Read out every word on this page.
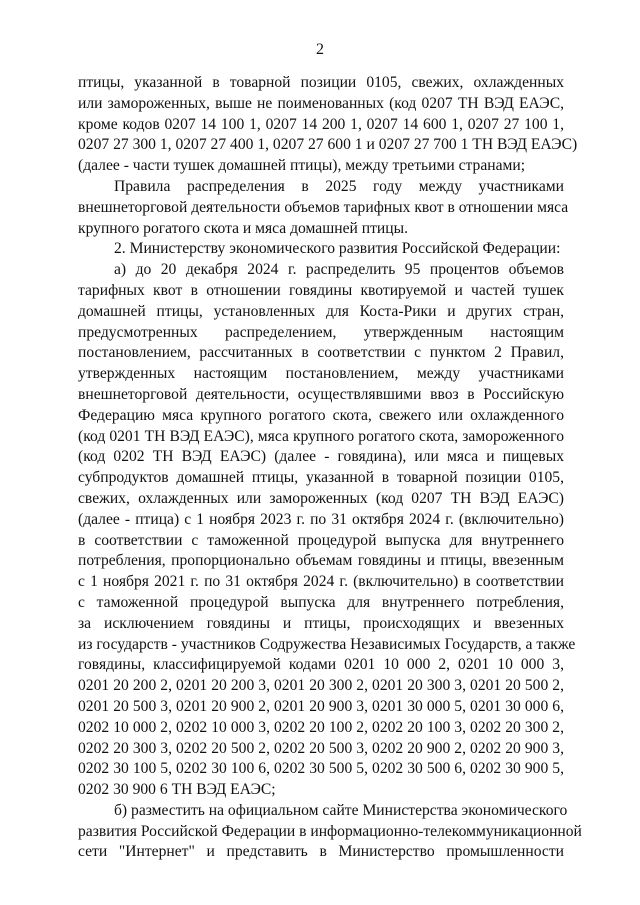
2
птицы, указанной в товарной позиции 0105, свежих, охлажденных
или замороженных, выше не поименованных (код 0207 ТН ВЭД ЕАЭС,
кроме кодов 0207 14 100 1, 0207 14 200 1, 0207 14 600 1, 0207 27 100 1,
0207 27 300 1, 0207 27 400 1, 0207 27 600 1 и 0207 27 700 1 ТН ВЭД ЕАЭС)
(далее - части тушек домашней птицы), между третьими странами;
Правила распределения в 2025 году между участниками
внешнеторговой деятельности объемов тарифных квот в отношении мяса
крупного рогатого скота и мяса домашней птицы.
2. Министерству экономического развития Российской Федерации:
а) до 20 декабря 2024 г. распределить 95 процентов объемов
тарифных квот в отношении говядины квотируемой и частей тушек
домашней птицы, установленных для Коста-Рики и других стран,
предусмотренных распределением, утвержденным настоящим
постановлением, рассчитанных в соответствии с пунктом 2 Правил,
утвержденных настоящим постановлением, между участниками
внешнеторговой деятельности, осуществлявшими ввоз в Российскую
Федерацию мяса крупного рогатого скота, свежего или охлажденного
(код 0201 ТН ВЭД ЕАЭС), мяса крупного рогатого скота, замороженного
(код 0202 ТН ВЭД ЕАЭС) (далее - говядина), или мяса и пищевых
субпродуктов домашней птицы, указанной в товарной позиции 0105,
свежих, охлажденных или замороженных (код 0207 ТН ВЭД ЕАЭС)
(далее - птица) с 1 ноября 2023 г. по 31 октября 2024 г. (включительно)
в соответствии с таможенной процедурой выпуска для внутреннего
потребления, пропорционально объемам говядины и птицы, ввезенным
с 1 ноября 2021 г. по 31 октября 2024 г. (включительно) в соответствии
с таможенной процедурой выпуска для внутреннего потребления,
за исключением говядины и птицы, происходящих и ввезенных
из государств - участников Содружества Независимых Государств, а также
говядины, классифицируемой кодами 0201 10 000 2, 0201 10 000 3,
0201 20 200 2, 0201 20 200 3, 0201 20 300 2, 0201 20 300 3, 0201 20 500 2,
0201 20 500 3, 0201 20 900 2, 0201 20 900 3, 0201 30 000 5, 0201 30 000 6,
0202 10 000 2, 0202 10 000 3, 0202 20 100 2, 0202 20 100 3, 0202 20 300 2,
0202 20 300 3, 0202 20 500 2, 0202 20 500 3, 0202 20 900 2, 0202 20 900 3,
0202 30 100 5, 0202 30 100 6, 0202 30 500 5, 0202 30 500 6, 0202 30 900 5,
0202 30 900 6 ТН ВЭД ЕАЭС;
б) разместить на официальном сайте Министерства экономического
развития Российской Федерации в информационно-телекоммуникационной
сети "Интернет" и представить в Министерство промышленности
